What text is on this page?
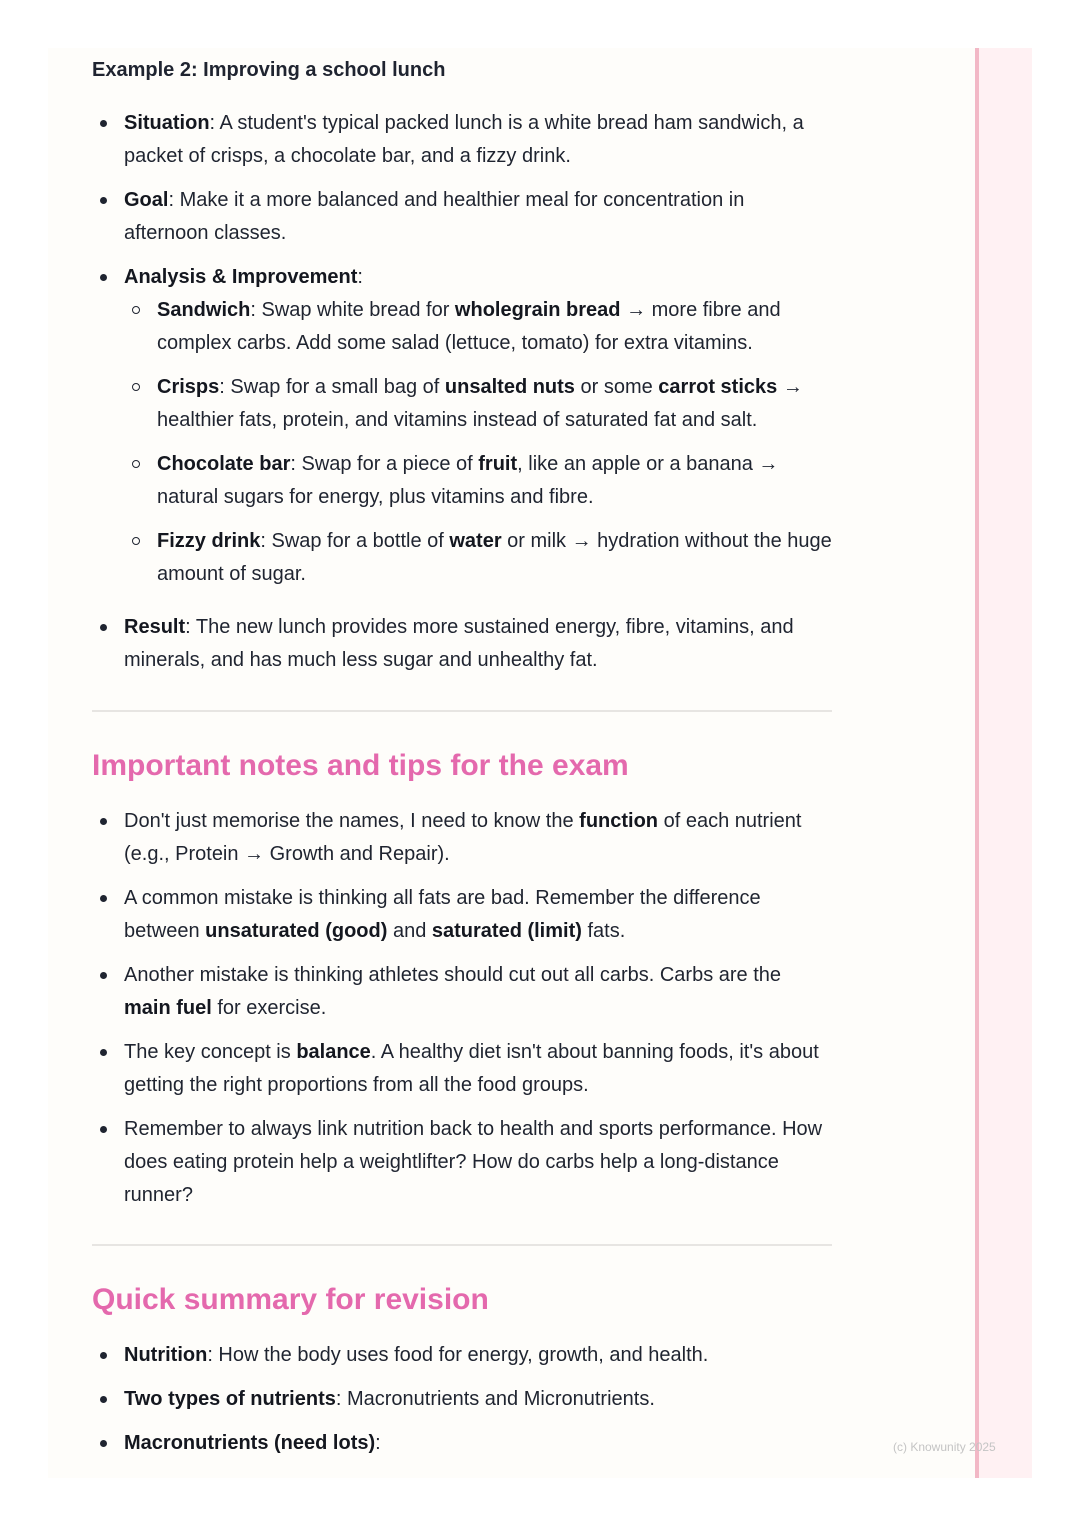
Example 2: Improving a school lunch
Situation: A student's typical packed lunch is a white bread ham sandwich, a packet of crisps, a chocolate bar, and a fizzy drink.
Goal: Make it a more balanced and healthier meal for concentration in afternoon classes.
Analysis & Improvement:
Sandwich: Swap white bread for wholegrain bread → more fibre and complex carbs. Add some salad (lettuce, tomato) for extra vitamins.
Crisps: Swap for a small bag of unsalted nuts or some carrot sticks → healthier fats, protein, and vitamins instead of saturated fat and salt.
Chocolate bar: Swap for a piece of fruit, like an apple or a banana → natural sugars for energy, plus vitamins and fibre.
Fizzy drink: Swap for a bottle of water or milk → hydration without the huge amount of sugar.
Result: The new lunch provides more sustained energy, fibre, vitamins, and minerals, and has much less sugar and unhealthy fat.
Important notes and tips for the exam
Don't just memorise the names, I need to know the function of each nutrient (e.g., Protein → Growth and Repair).
A common mistake is thinking all fats are bad. Remember the difference between unsaturated (good) and saturated (limit) fats.
Another mistake is thinking athletes should cut out all carbs. Carbs are the main fuel for exercise.
The key concept is balance. A healthy diet isn't about banning foods, it's about getting the right proportions from all the food groups.
Remember to always link nutrition back to health and sports performance. How does eating protein help a weightlifter? How do carbs help a long-distance runner?
Quick summary for revision
Nutrition: How the body uses food for energy, growth, and health.
Two types of nutrients: Macronutrients and Micronutrients.
Macronutrients (need lots):	(c) Knowunity 2025
